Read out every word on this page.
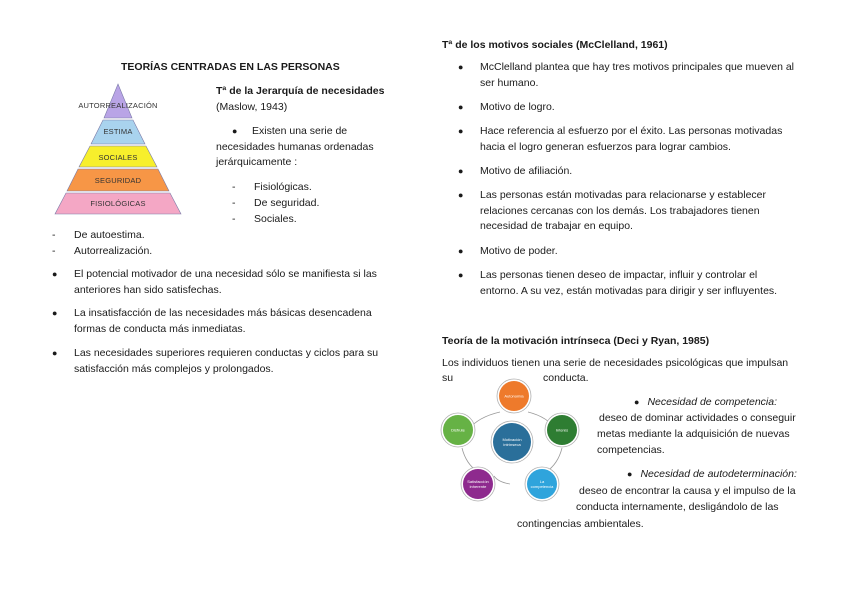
TEORÍAS CENTRADAS EN LAS PERSONAS
AUTORREALIZACIÓN
ESTIMA
SOCIALES
SEGURIDAD
FISIOLÓGICAS
Tª de la Jerarquía de necesidades
(Maslow, 1943)
● Existen una serie de
necesidades humanas ordenadas
jerárquicamente :
- Fisiológicas.
- De seguridad.
- Sociales.
- De autoestima.
- Autorrealización.
● El potencial motivador de una necesidad sólo se manifiesta si las
anteriores han sido satisfechas.
● La insatisfacción de las necesidades más básicas desencadena
formas de conducta más inmediatas.
● Las necesidades superiores requieren conductas y ciclos para su
satisfacción más complejos y prolongados.
Tª de los motivos sociales (McClelland, 1961)
● McClelland plantea que hay tres motivos principales que mueven al
ser humano.
● Motivo de logro.
● Hace referencia al esfuerzo por el éxito. Las personas motivadas
hacia el logro generan esfuerzos para lograr cambios.
● Motivo de afiliación.
● Las personas están motivadas para relacionarse y establecer
relaciones cercanas con los demás. Los trabajadores tienen
necesidad de trabajar en equipo.
● Motivo de poder.
● Las personas tienen deseo de impactar, influir y controlar el
entorno. A su vez, están motivadas para dirigir y ser influyentes.
Teoría de la motivación intrínseca (Deci y Ryan, 1985)
Los individuos tienen una serie de necesidades psicológicas que impulsan
su	conducta.
Autonomía
Interés
La
competencia
Satisfacción
inherente
Disfrute
Motivación
intrínseca
● Necesidad de competencia:
deseo de dominar actividades o conseguir
metas mediante la adquisición de nuevas
competencias.
● Necesidad de autodeterminación:
deseo de encontrar la causa y el impulso de la
conducta internamente, desligándolo de las
contingencias ambientales.
